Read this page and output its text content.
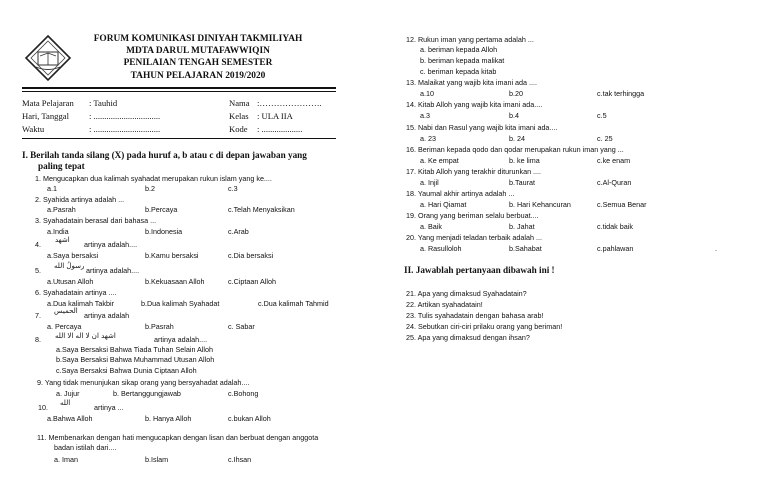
FORUM KOMUNIKASI DINIYAH TAKMILIYAH
MDTA DARUL MUTAFAWWIQIN
PENILAIAN TENGAH SEMESTER
TAHUN PELAJARAN 2019/2020
Mata Pelajaran : Tauhid
Hari, Tanggal : ...............................
Waktu	: ...............................
Nama :………………….
Kelas : ULA IIA
Kode : ...................
I. Berilah tanda silang (X) pada huruf a, b atau c di depan jawaban yang
paling tepat
1. Mengucapkan dua kalimah syahadat merupakan rukun islam yang ke....
a.1	b.2	c.3
2. Syahida artinya adalah ...
a.Pasrah	b.Percaya	c.Telah Menyaksikan
3. Syahadatain berasal dari bahasa ...
a.India	b.Indonesia	c.Arab
4. اشهد artinya adalah....
a.Saya bersaksi	b.Kamu bersaksi	c.Dia bersaksi
5. رسولُ الله artinya adalah....
a.Utusan Alloh	b.Kekuasaan Alloh	c.Ciptaan Alloh
6. Syahadatain artinya ....
a.Dua kalimah Takbir	b.Dua kalimah Syahadat	c.Dua kalimah Tahmid
7. الحميس artinya adalah
a. Percaya	b.Pasrah	c. Sabar
8. اشهد ان لا اله الا الله	artinya adalah....
a.Saya Bersaksi Bahwa Tiada Tuhan Selain Alloh
b.Saya Bersaksi Bahwa Muhammad Utusan Alloh
c.Saya Bersaksi Bahwa Dunia Ciptaan Alloh
9. Yang tidak menunjukan sikap orang yang bersyahadat adalah....
a. Jujur	b. Bertanggungjawab	c.Bohong
10. الله	artinya ...
a.Bahwa Alloh	b. Hanya Alloh	c.bukan Alloh
11. Membenarkan dengan hati mengucapkan dengan lisan dan berbuat dengan anggota
badan istilah dari....
a. Iman	b.Islam	c.Ihsan
12. Rukun iman yang pertama adalah ...
a. beriman kepada Alloh
b. beriman kepada malikat
c. beriman kepada kitab
13. Malaikat yang wajib kita imani ada ....
a.10	b.20	c.tak terhingga
14. Kitab Alloh yang wajib kita imani ada....
a.3	b.4	c.5
15. Nabi dan Rasul yang wajib kita imani ada....
a. 23	b. 24	c. 25
16. Beriman kepada qodo dan qodar merupakan rukun iman yang ...
a. Ke empat	b. ke lima	c.ke enam
17. Kitab Alloh yang terakhir diturunkan ....
a. Injil	b.Taurat	c.Al-Quran
18. Yaumal akhir artinya adalah ...
a. Hari Qiamat	b. Hari Kehancuran	c.Semua Benar
19. Orang yang beriman selalu berbuat....
a. Baik	b. Jahat	c.tidak baik
20. Yang menjadi teladan terbaik adalah ...
a. Rasulloloh	b.Sahabat	c.pahlawan	.
II. Jawablah pertanyaan dibawah ini !
21. Apa yang dimaksud Syahadatain?
22. Artikan syahadatain!
23. Tulis syahadatain dengan bahasa arab!
24. Sebutkan ciri-ciri prilaku orang yang beriman!
25. Apa yang dimaksud dengan ihsan?
